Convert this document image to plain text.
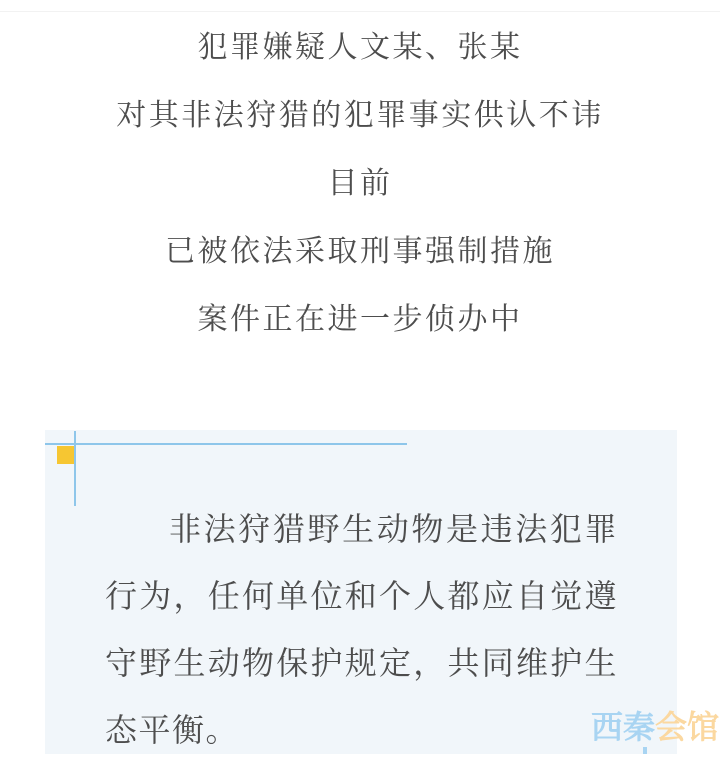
犯罪嫌疑人文某、张某

对其非法狩猎的犯罪事实供认不讳

目前

已被依法采取刑事强制措施

案件正在进一步侦办中

非法狩猎野生动物是违法犯罪行为，任何单位和个人都应自觉遵守野生动物保护规定，共同维护生态平衡。	西秦会馆
